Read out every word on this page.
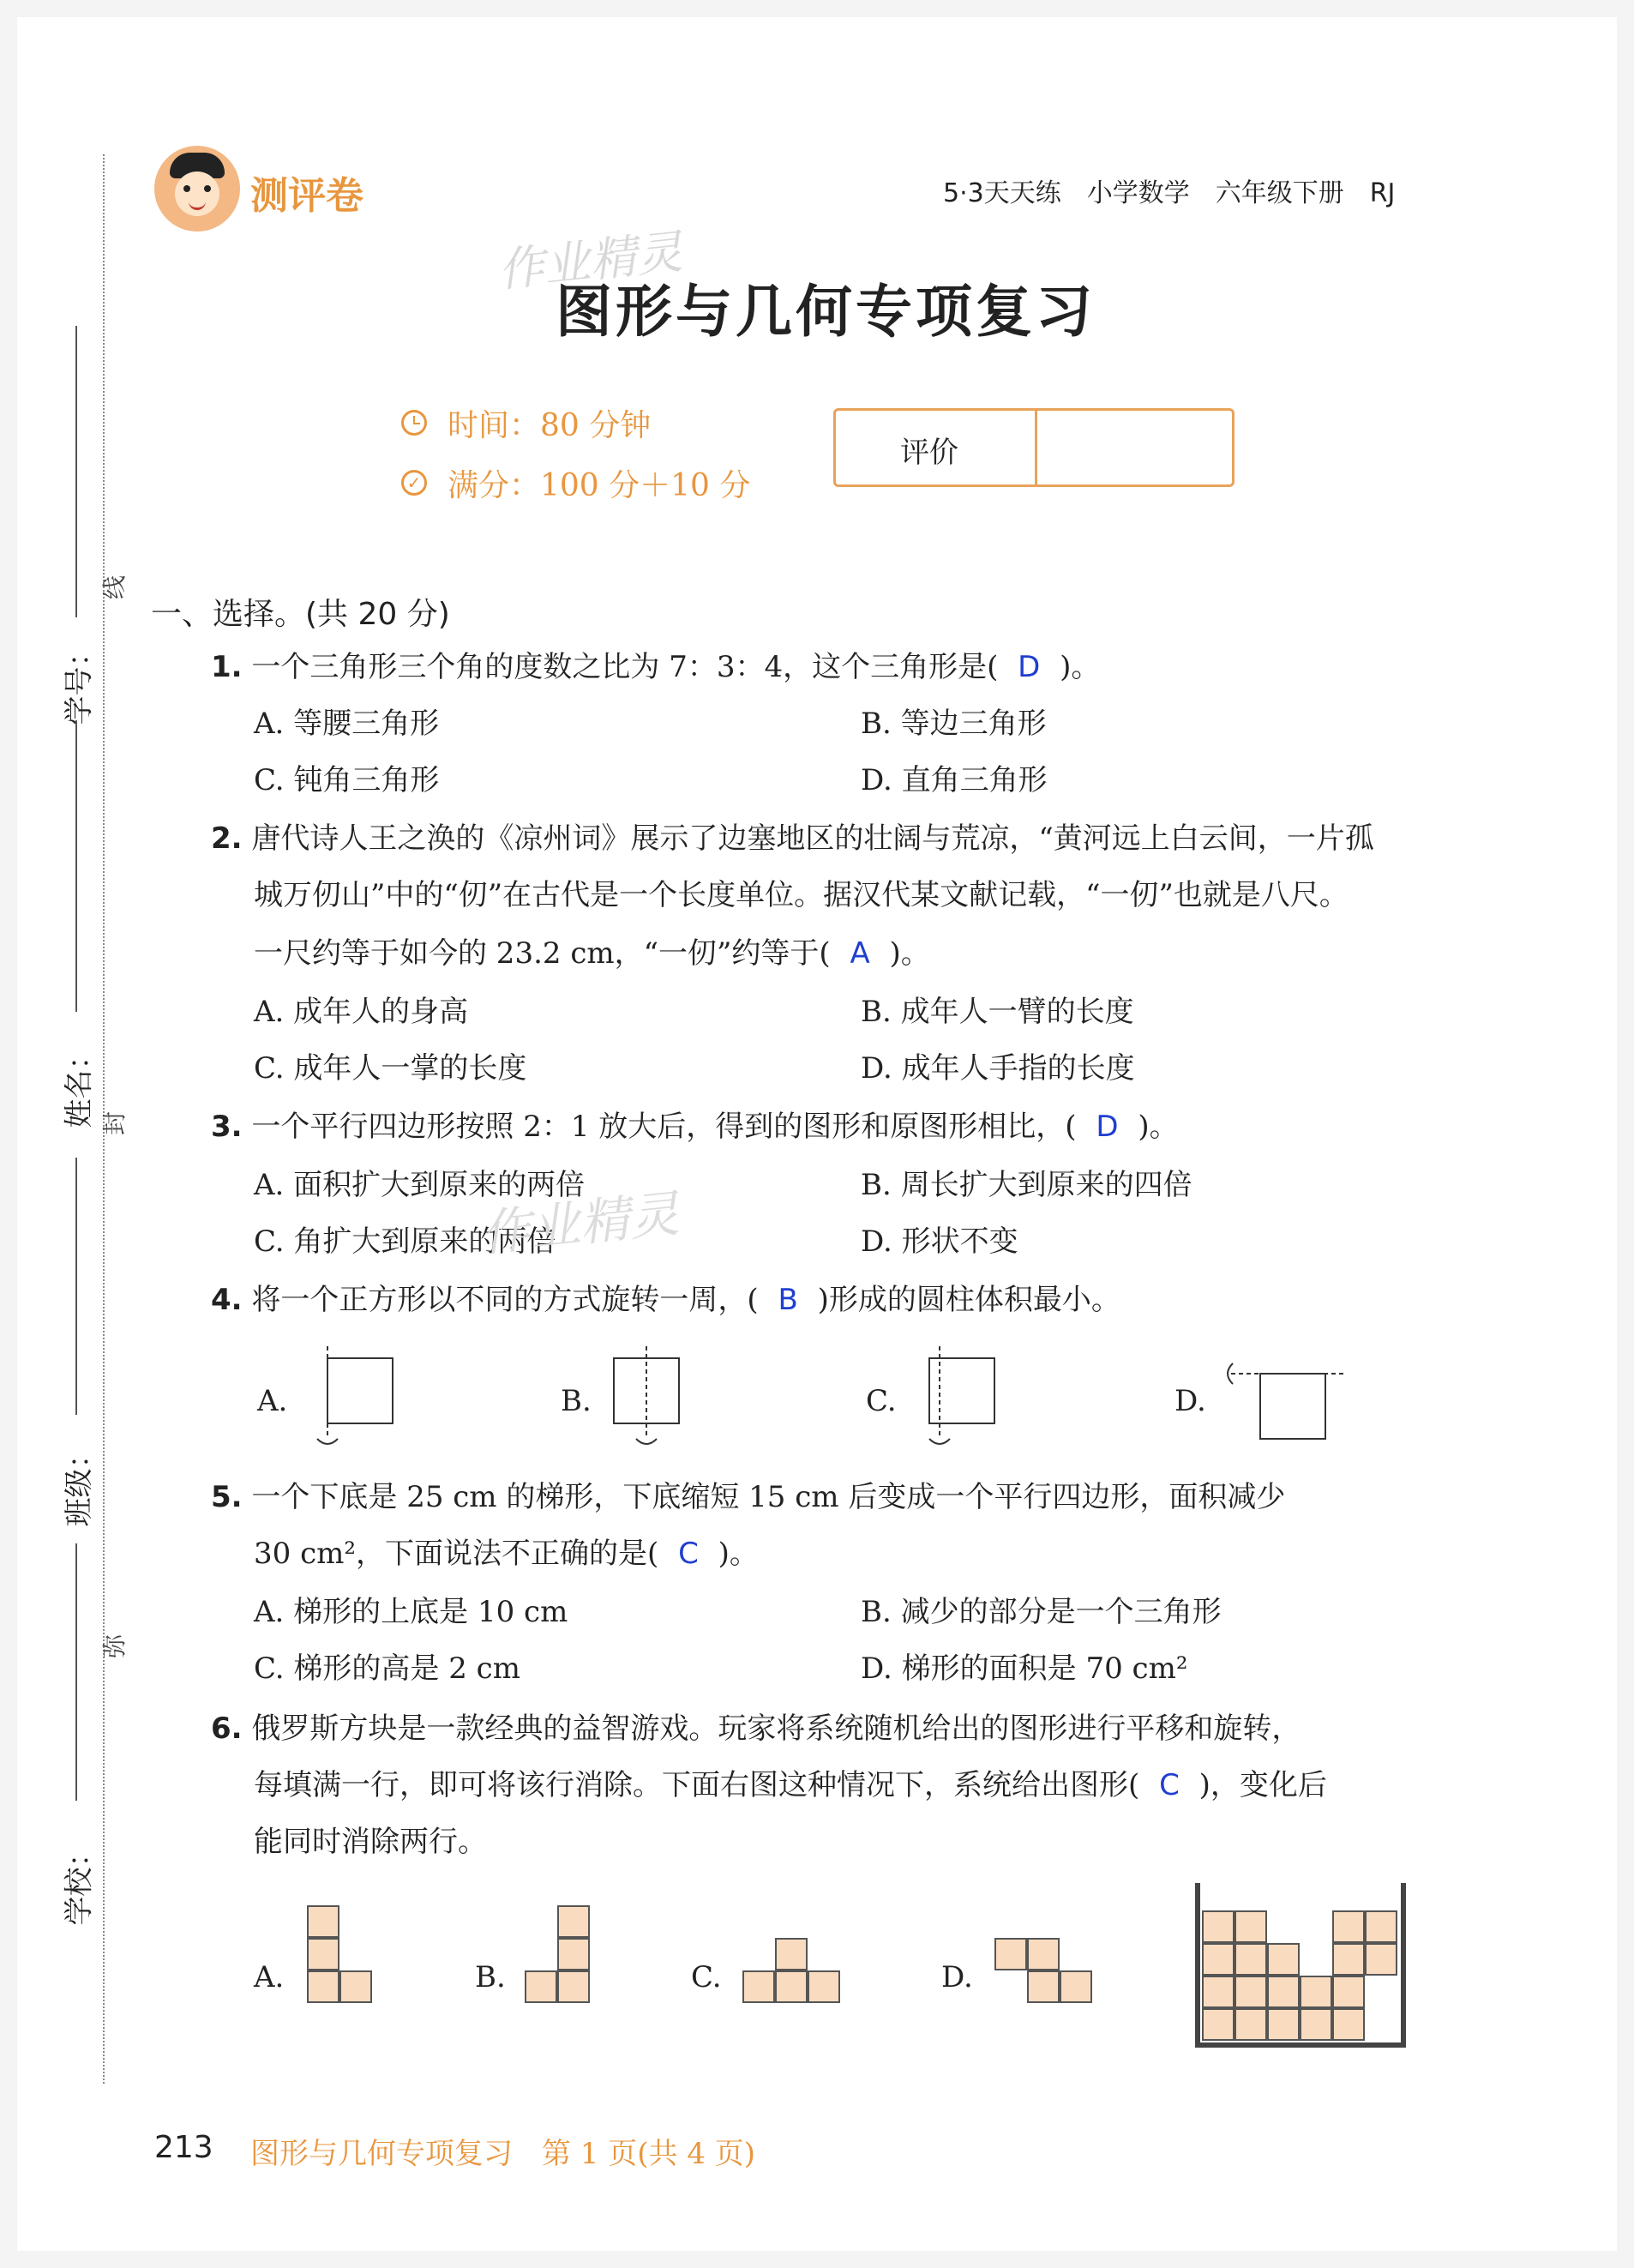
线
封
弥
学号：
姓名：
班级：
学校：
测评卷	5·3天天练　小学数学　六年级下册　RJ
作业精灵
图形与几何专项复习
时间：80 分钟
✓ 满分：100 分＋10 分
评价
一、选择。(共 20 分)
1. 一个三角形三个角的度数之比为 7：3：4，这个三角形是( D )。
A. 等腰三角形	B. 等边三角形
C. 钝角三角形	D. 直角三角形
2. 唐代诗人王之涣的《凉州词》展示了边塞地区的壮阔与荒凉，“黄河远上白云间，一片孤
城万仞山”中的“仞”在古代是一个长度单位。据汉代某文献记载，“一仞”也就是八尺。
一尺约等于如今的 23.2 cm，“一仞”约等于( A )。
A. 成年人的身高	B. 成年人一臂的长度
C. 成年人一掌的长度	D. 成年人手指的长度
3. 一个平行四边形按照 2：1 放大后，得到的图形和原图形相比，( D )。
A. 面积扩大到原来的两倍	B. 周长扩大到原来的四倍
C. 角扩大到原来的两倍	D. 形状不变
作业精灵
4. 将一个正方形以不同的方式旋转一周，( B )形成的圆柱体积最小。
A.	B.	C.	D.
5. 一个下底是 25 cm 的梯形，下底缩短 15 cm 后变成一个平行四边形，面积减少
30 cm²，下面说法不正确的是( C )。
A. 梯形的上底是 10 cm	B. 减少的部分是一个三角形
C. 梯形的高是 2 cm	D. 梯形的面积是 70 cm²
6. 俄罗斯方块是一款经典的益智游戏。玩家将系统随机给出的图形进行平移和旋转，
每填满一行，即可将该行消除。下面右图这种情况下，系统给出图形( C )，变化后
能同时消除两行。
A.	B.	C.	D.
213 图形与几何专项复习　第 1 页(共 4 页)
